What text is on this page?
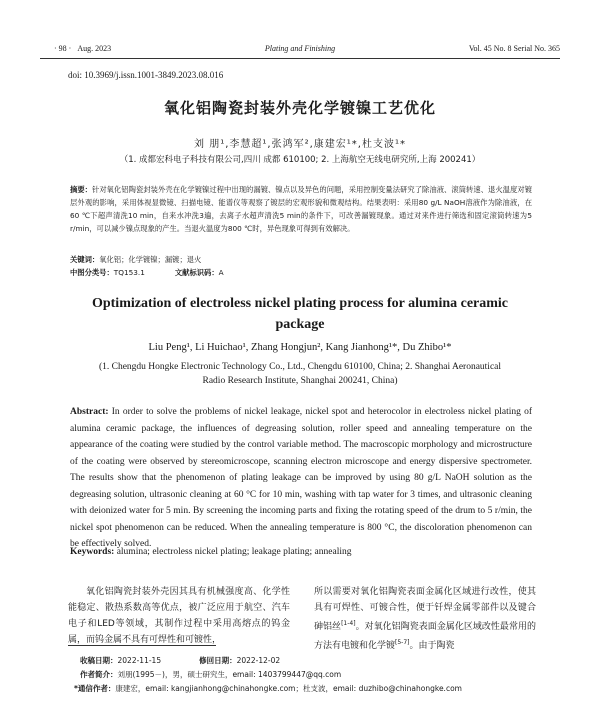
· 98 · Aug. 2023	Plating and Finishing	Vol. 45 No. 8 Serial No. 365
doi: 10.3969/j.issn.1001-3849.2023.08.016
氧化铝陶瓷封装外壳化学镀镍工艺优化
刘 朋¹,李慧超¹,张鸿军²,康建宏¹*,杜支波¹*
（1. 成都宏科电子科技有限公司,四川 成都 610100; 2. 上海航空无线电研究所,上海 200241）
摘要：针对氧化铝陶瓷封装外壳在化学镀镍过程中出现的漏镀、镍点以及异色的问题，采用控制变量法研究了除油液、滚筒转速、退火温度对镀层外观的影响，采用体视显微镜、扫描电镜、能谱仪等观察了镀层的宏观形貌和微观结构。结果表明：采用80 g/L NaOH溶液作为除油液，在60 ℃下超声清洗10 min，自来水冲洗3遍，去离子水超声清洗5 min的条件下，可改善漏镀现象。通过对来件进行筛选和固定滚筒转速为5 r/min，可以减少镍点现象的产生。当退火温度为800 ℃时，异色现象可得到有效解决。
关键词：氧化铝；化学镀镍；漏镀；退火
中图分类号：TQ153.1	文献标识码：A
Optimization of electroless nickel plating process for alumina ceramic package
Liu Peng¹, Li Huichao¹, Zhang Hongjun², Kang Jianhong¹*, Du Zhibo¹*
(1. Chengdu Hongke Electronic Technology Co., Ltd., Chengdu 610100, China; 2. Shanghai Aeronautical Radio Research Institute, Shanghai 200241, China)
Abstract: In order to solve the problems of nickel leakage, nickel spot and heterocolor in electroless nickel plating of alumina ceramic package, the influences of degreasing solution, roller speed and annealing temperature on the appearance of the coating were studied by the control variable method. The macroscopic morphology and microstructure of the coating were observed by stereomicroscope, scanning electron microscope and energy dispersive spectrometer. The results show that the phenomenon of plating leakage can be improved by using 80 g/L NaOH solution as the degreasing solution, ultrasonic cleaning at 60 °C for 10 min, washing with tap water for 3 times, and ultrasonic cleaning with deionized water for 5 min. By screening the incoming parts and fixing the rotating speed of the drum to 5 r/min, the nickel spot phenomenon can be reduced. When the annealing temperature is 800 °C, the discoloration phenomenon can be effectively solved.
Keywords: alumina; electroless nickel plating; leakage plating; annealing
氧化铝陶瓷封装外壳因其具有机械强度高、化学性能稳定、散热系数高等优点，被广泛应用于航空、汽车电子和LED等领域，其制作过程中采用高熔点的钨金属，而钨金属不具有可焊性和可镀性，
所以需要对氧化铝陶瓷表面金属化区域进行改性，使其具有可焊性、可镀合性，便于钎焊金属零部件以及键合砷铝丝[1-4]。对氧化铝陶瓷表面金属化区域改性最常用的方法有电镀和化学镀[5-7]。由于陶瓷
收稿日期：2022-11-15	修回日期：2022-12-02
作者简介：刘朋(1995－)，男，硕士研究生，email: 1403799447@qq.com
*通信作者：康建宏，email: kangjianhong@chinahongke.com；杜支波，email: duzhibo@chinahongke.com
